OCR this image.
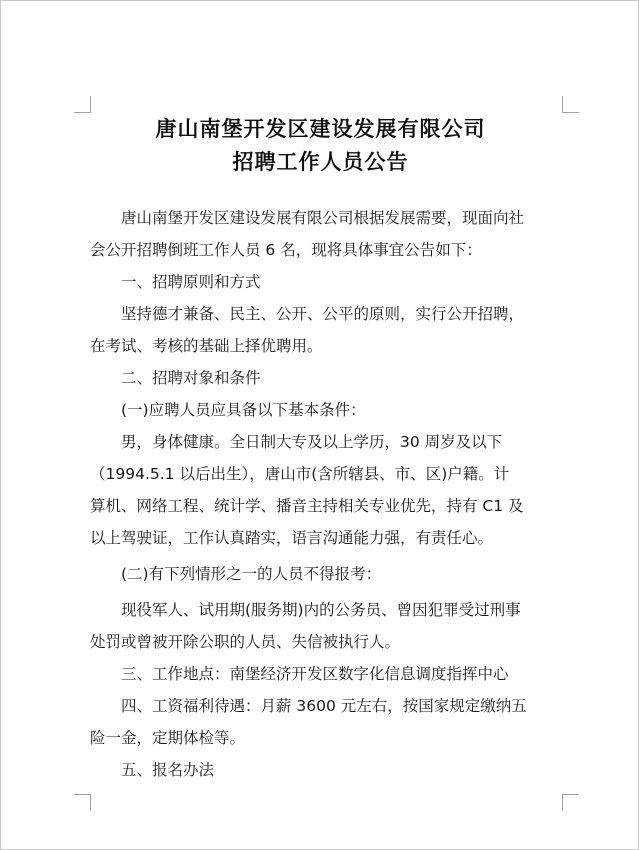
唐山南堡开发区建设发展有限公司
招聘工作人员公告

唐山南堡开发区建设发展有限公司根据发展需要，现面向社
会公开招聘倒班工作人员 6 名，现将具体事宜公告如下：

一、招聘原则和方式

坚持德才兼备、民主、公开、公平的原则，实行公开招聘，
在考试、考核的基础上择优聘用。

二、招聘对象和条件

(一)应聘人员应具备以下基本条件：

男，身体健康。全日制大专及以上学历，30 周岁及以下
（1994.5.1 以后出生），唐山市(含所辖县、市、区)户籍。计
算机、网络工程、统计学、播音主持相关专业优先，持有 C1 及
以上驾驶证，工作认真踏实，语言沟通能力强，有责任心。

(二)有下列情形之一的人员不得报考：

现役军人、试用期(服务期)内的公务员、曾因犯罪受过刑事
处罚或曾被开除公职的人员、失信被执行人。

三、工作地点：南堡经济开发区数字化信息调度指挥中心

四、工资福利待遇：月薪 3600 元左右，按国家规定缴纳五
险一金，定期体检等。

五、报名办法
